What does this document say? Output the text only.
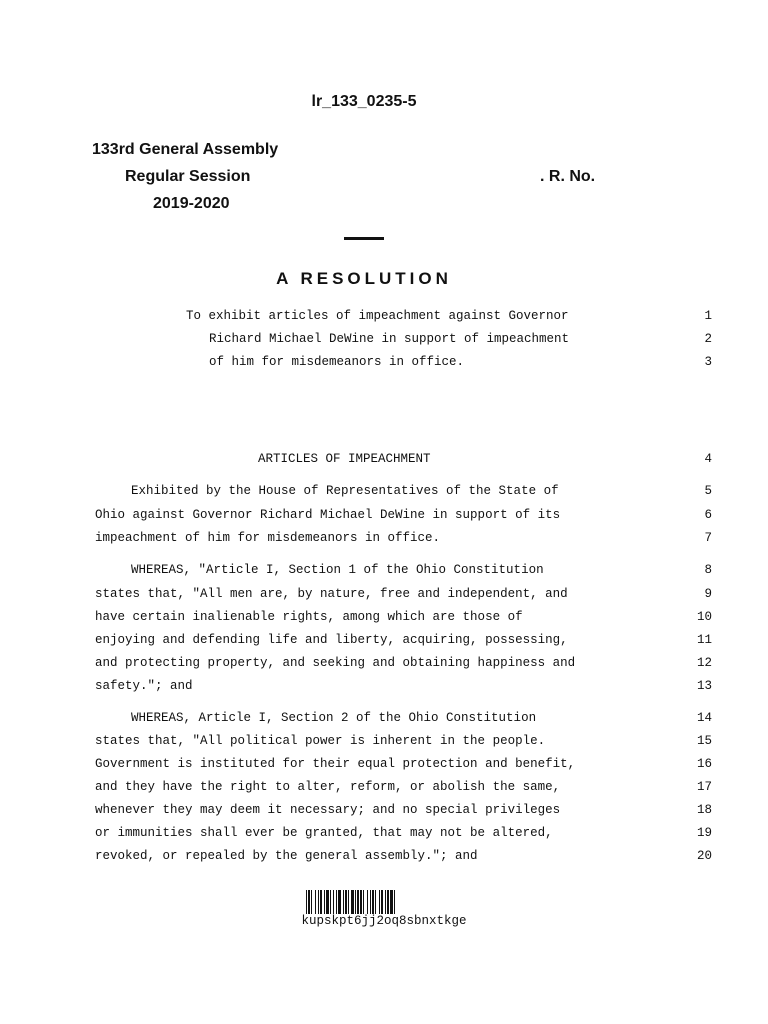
lr_133_0235-5
133rd General Assembly
Regular Session	. R. No.
2019-2020
A RESOLUTION
To exhibit articles of impeachment against Governor	1
Richard Michael DeWine in support of impeachment	2
of him for misdemeanors in office.	3
ARTICLES OF IMPEACHMENT	4
Exhibited by the House of Representatives of the State of	5
Ohio against Governor Richard Michael DeWine in support of its	6
impeachment of him for misdemeanors in office.	7
WHEREAS, "Article I, Section 1 of the Ohio Constitution	8
states that, "All men are, by nature, free and independent, and	9
have certain inalienable rights, among which are those of	10
enjoying and defending life and liberty, acquiring, possessing,	11
and protecting property, and seeking and obtaining happiness and	12
safety."; and	13
WHEREAS, Article I, Section 2 of the Ohio Constitution	14
states that, "All political power is inherent in the people.	15
Government is instituted for their equal protection and benefit,	16
and they have the right to alter, reform, or abolish the same,	17
whenever they may deem it necessary; and no special privileges	18
or immunities shall ever be granted, that may not be altered,	19
revoked, or repealed by the general assembly."; and	20
kupskpt6jj2oq8sbnxtkge
